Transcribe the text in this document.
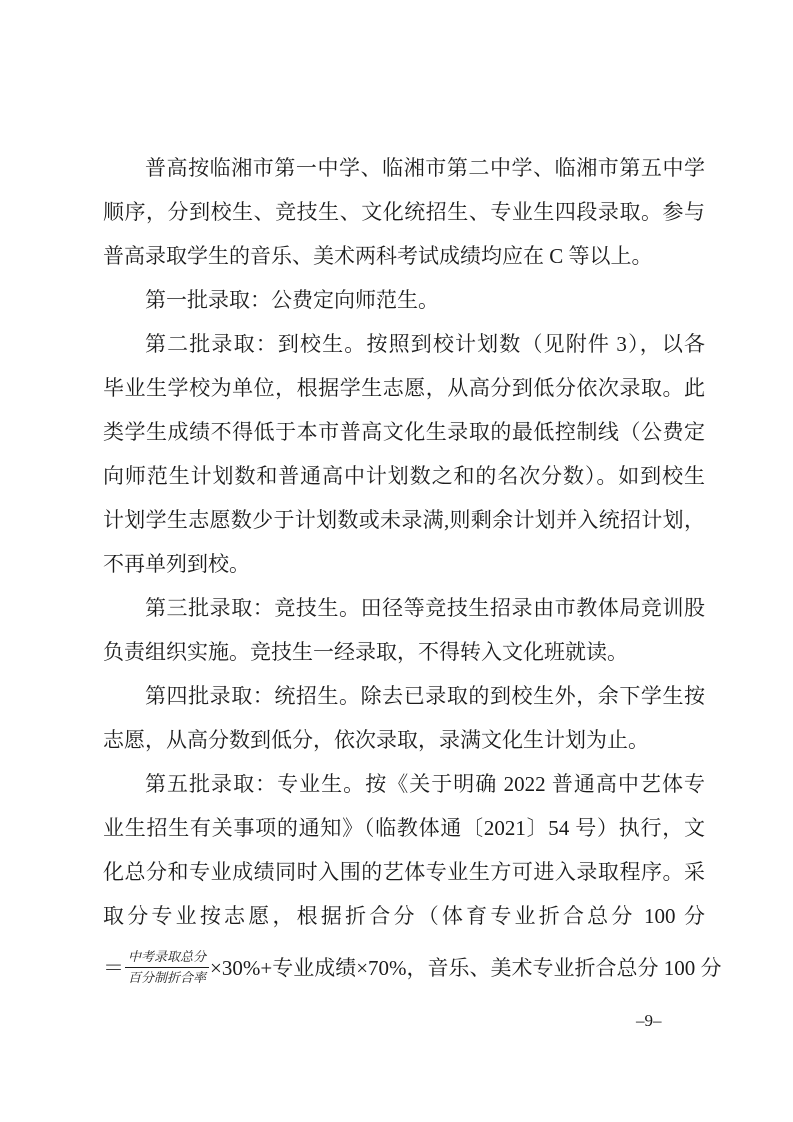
普高按临湘市第一中学、临湘市第二中学、临湘市第五中学
顺序，分到校生、竞技生、文化统招生、专业生四段录取。参与
普高录取学生的音乐、美术两科考试成绩均应在 C 等以上。
第一批录取：公费定向师范生。
第二批录取：到校生。按照到校计划数（见附件 3），以各
毕业生学校为单位，根据学生志愿，从高分到低分依次录取。此
类学生成绩不得低于本市普高文化生录取的最低控制线（公费定
向师范生计划数和普通高中计划数之和的名次分数）。如到校生
计划学生志愿数少于计划数或未录满,则剩余计划并入统招计划，
不再单列到校。
第三批录取：竞技生。田径等竞技生招录由市教体局竞训股
负责组织实施。竞技生一经录取，不得转入文化班就读。
第四批录取：统招生。除去已录取的到校生外，余下学生按
志愿，从高分数到低分，依次录取，录满文化生计划为止。
第五批录取：专业生。按《关于明确 2022 普通高中艺体专
业生招生有关事项的通知》（临教体通〔2021〕54 号）执行，文
化总分和专业成绩同时入围的艺体专业生方可进入录取程序。采
取分专业按志愿，根据折合分（体育专业折合总分 100 分
＝ $\frac{\text{中考录取总分}}{\text{百分制折合率}} \times 30\%+$专业成绩×70%，音乐、美术专业折合总分 100 分
–9–
